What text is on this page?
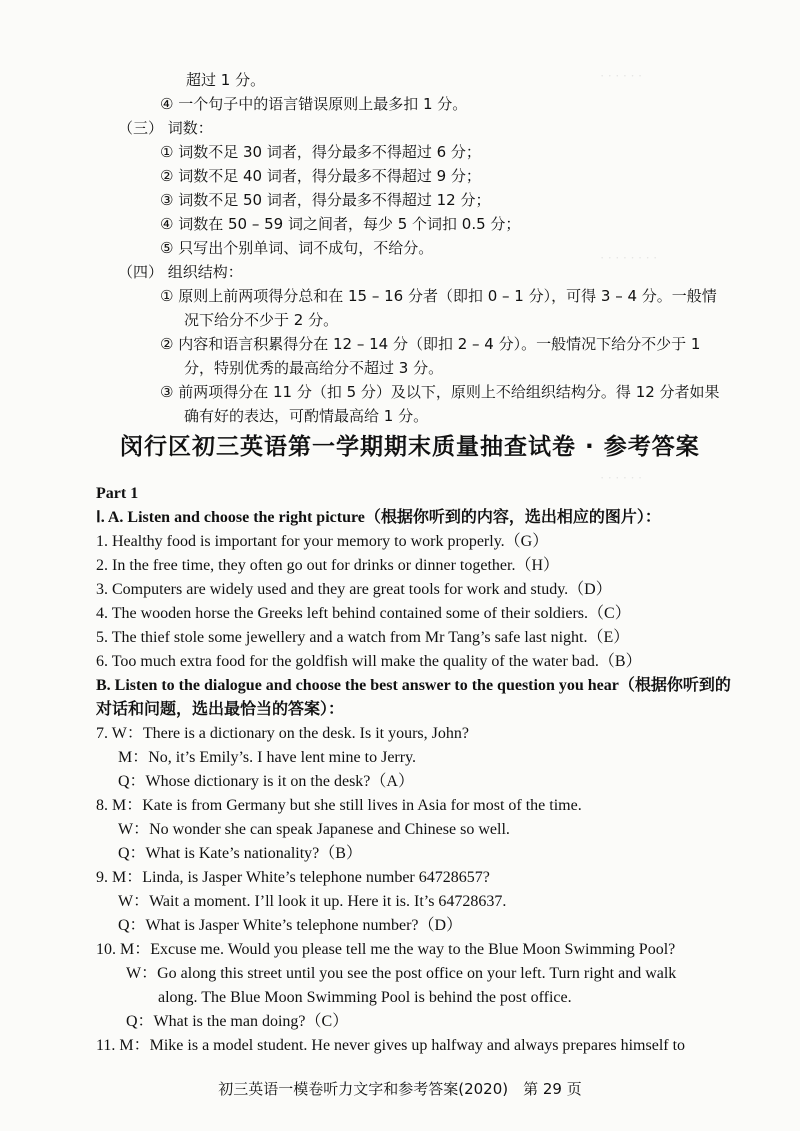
· · · · · ·
· · · · · · · ·
· · · · · ·
超过 1 分。
④ 一个句子中的语言错误原则上最多扣 1 分。
（三） 词数：
① 词数不足 30 词者，得分最多不得超过 6 分；
② 词数不足 40 词者，得分最多不得超过 9 分；
③ 词数不足 50 词者，得分最多不得超过 12 分；
④ 词数在 50 – 59 词之间者，每少 5 个词扣 0.5 分；
⑤ 只写出个别单词、词不成句，不给分。
（四） 组织结构：
① 原则上前两项得分总和在 15 – 16 分者（即扣 0 – 1 分），可得 3 – 4 分。一般情
况下给分不少于 2 分。
② 内容和语言积累得分在 12 – 14 分（即扣 2 – 4 分）。一般情况下给分不少于 1
分，特别优秀的最高给分不超过 3 分。
③ 前两项得分在 11 分（扣 5 分）及以下，原则上不给组织结构分。得 12 分者如果
确有好的表达，可酌情最高给 1 分。
闵行区初三英语第一学期期末质量抽查试卷 · 参考答案
Part 1
Ⅰ. A. Listen and choose the right picture（根据你听到的内容，选出相应的图片）：
1. Healthy food is important for your memory to work properly.（G）
2. In the free time, they often go out for drinks or dinner together.（H）
3. Computers are widely used and they are great tools for work and study.（D）
4. The wooden horse the Greeks left behind contained some of their soldiers.（C）
5. The thief stole some jewellery and a watch from Mr Tang’s safe last night.（E）
6. Too much extra food for the goldfish will make the quality of the water bad.（B）
B. Listen to the dialogue and choose the best answer to the question you hear（根据你听到的
对话和问题，选出最恰当的答案）：
7. W：There is a dictionary on the desk. Is it yours, John?
M：No, it’s Emily’s. I have lent mine to Jerry.
Q：Whose dictionary is it on the desk?（A）
8. M：Kate is from Germany but she still lives in Asia for most of the time.
W：No wonder she can speak Japanese and Chinese so well.
Q：What is Kate’s nationality?（B）
9. M：Linda, is Jasper White’s telephone number 64728657?
W：Wait a moment. I’ll look it up. Here it is. It’s 64728637.
Q：What is Jasper White’s telephone number?（D）
10. M：Excuse me. Would you please tell me the way to the Blue Moon Swimming Pool?
W：Go along this street until you see the post office on your left. Turn right and walk
along. The Blue Moon Swimming Pool is behind the post office.
Q：What is the man doing?（C）
11. M：Mike is a model student. He never gives up halfway and always prepares himself to
初三英语一模卷听力文字和参考答案(2020)　第 29 页
